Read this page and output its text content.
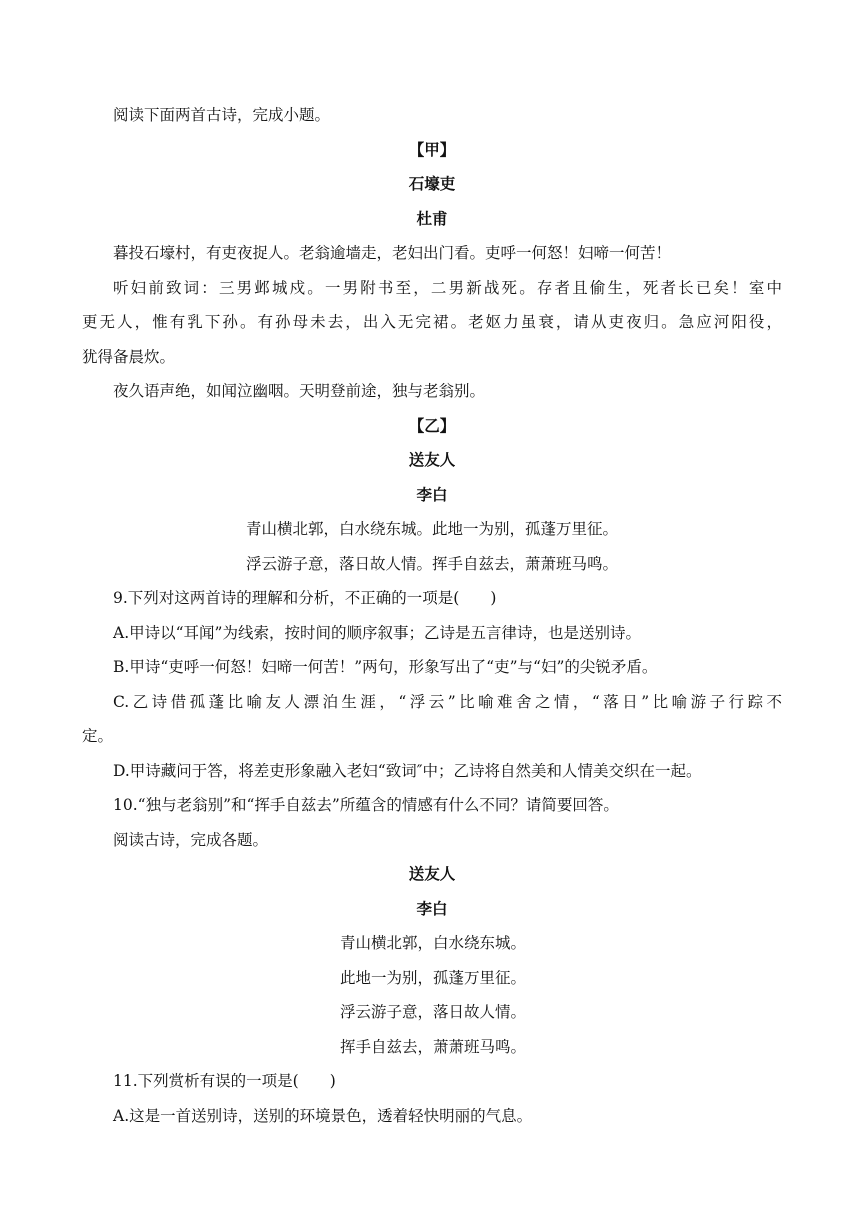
阅读下面两首古诗，完成小题。
【甲】
石壕吏
杜甫
暮投石壕村，有吏夜捉人。老翁逾墙走，老妇出门看。吏呼一何怒！妇啼一何苦！
听妇前致词：三男邺城戍。一男附书至，二男新战死。存者且偷生，死者长已矣！室中
更无人，惟有乳下孙。有孙母未去，出入无完裙。老妪力虽衰，请从吏夜归。急应河阳役，
犹得备晨炊。
夜久语声绝，如闻泣幽咽。天明登前途，独与老翁别。
【乙】
送友人
李白
青山横北郭，白水绕东城。此地一为别，孤蓬万里征。
浮云游子意，落日故人情。挥手自兹去，萧萧班马鸣。
9.下列对这两首诗的理解和分析，不正确的一项是(　　)
A.甲诗以“耳闻”为线索，按时间的顺序叙事；乙诗是五言律诗，也是送别诗。
B.甲诗“吏呼一何怒！妇啼一何苦！”两句，形象写出了“吏”与“妇”的尖锐矛盾。
C.乙诗借孤蓬比喻友人漂泊生涯，“浮云”比喻难舍之情，“落日”比喻游子行踪不
定。
D.甲诗藏问于答，将差吏形象融入老妇“致词″中；乙诗将自然美和人情美交织在一起。
10.“独与老翁别”和“挥手自兹去”所蕴含的情感有什么不同？请简要回答。
阅读古诗，完成各题。
送友人
李白
青山横北郭，白水绕东城。
此地一为别，孤蓬万里征。
浮云游子意，落日故人情。
挥手自兹去，萧萧班马鸣。
11.下列赏析有误的一项是(　　)
A.这是一首送别诗，送别的环境景色，透着轻快明丽的气息。
